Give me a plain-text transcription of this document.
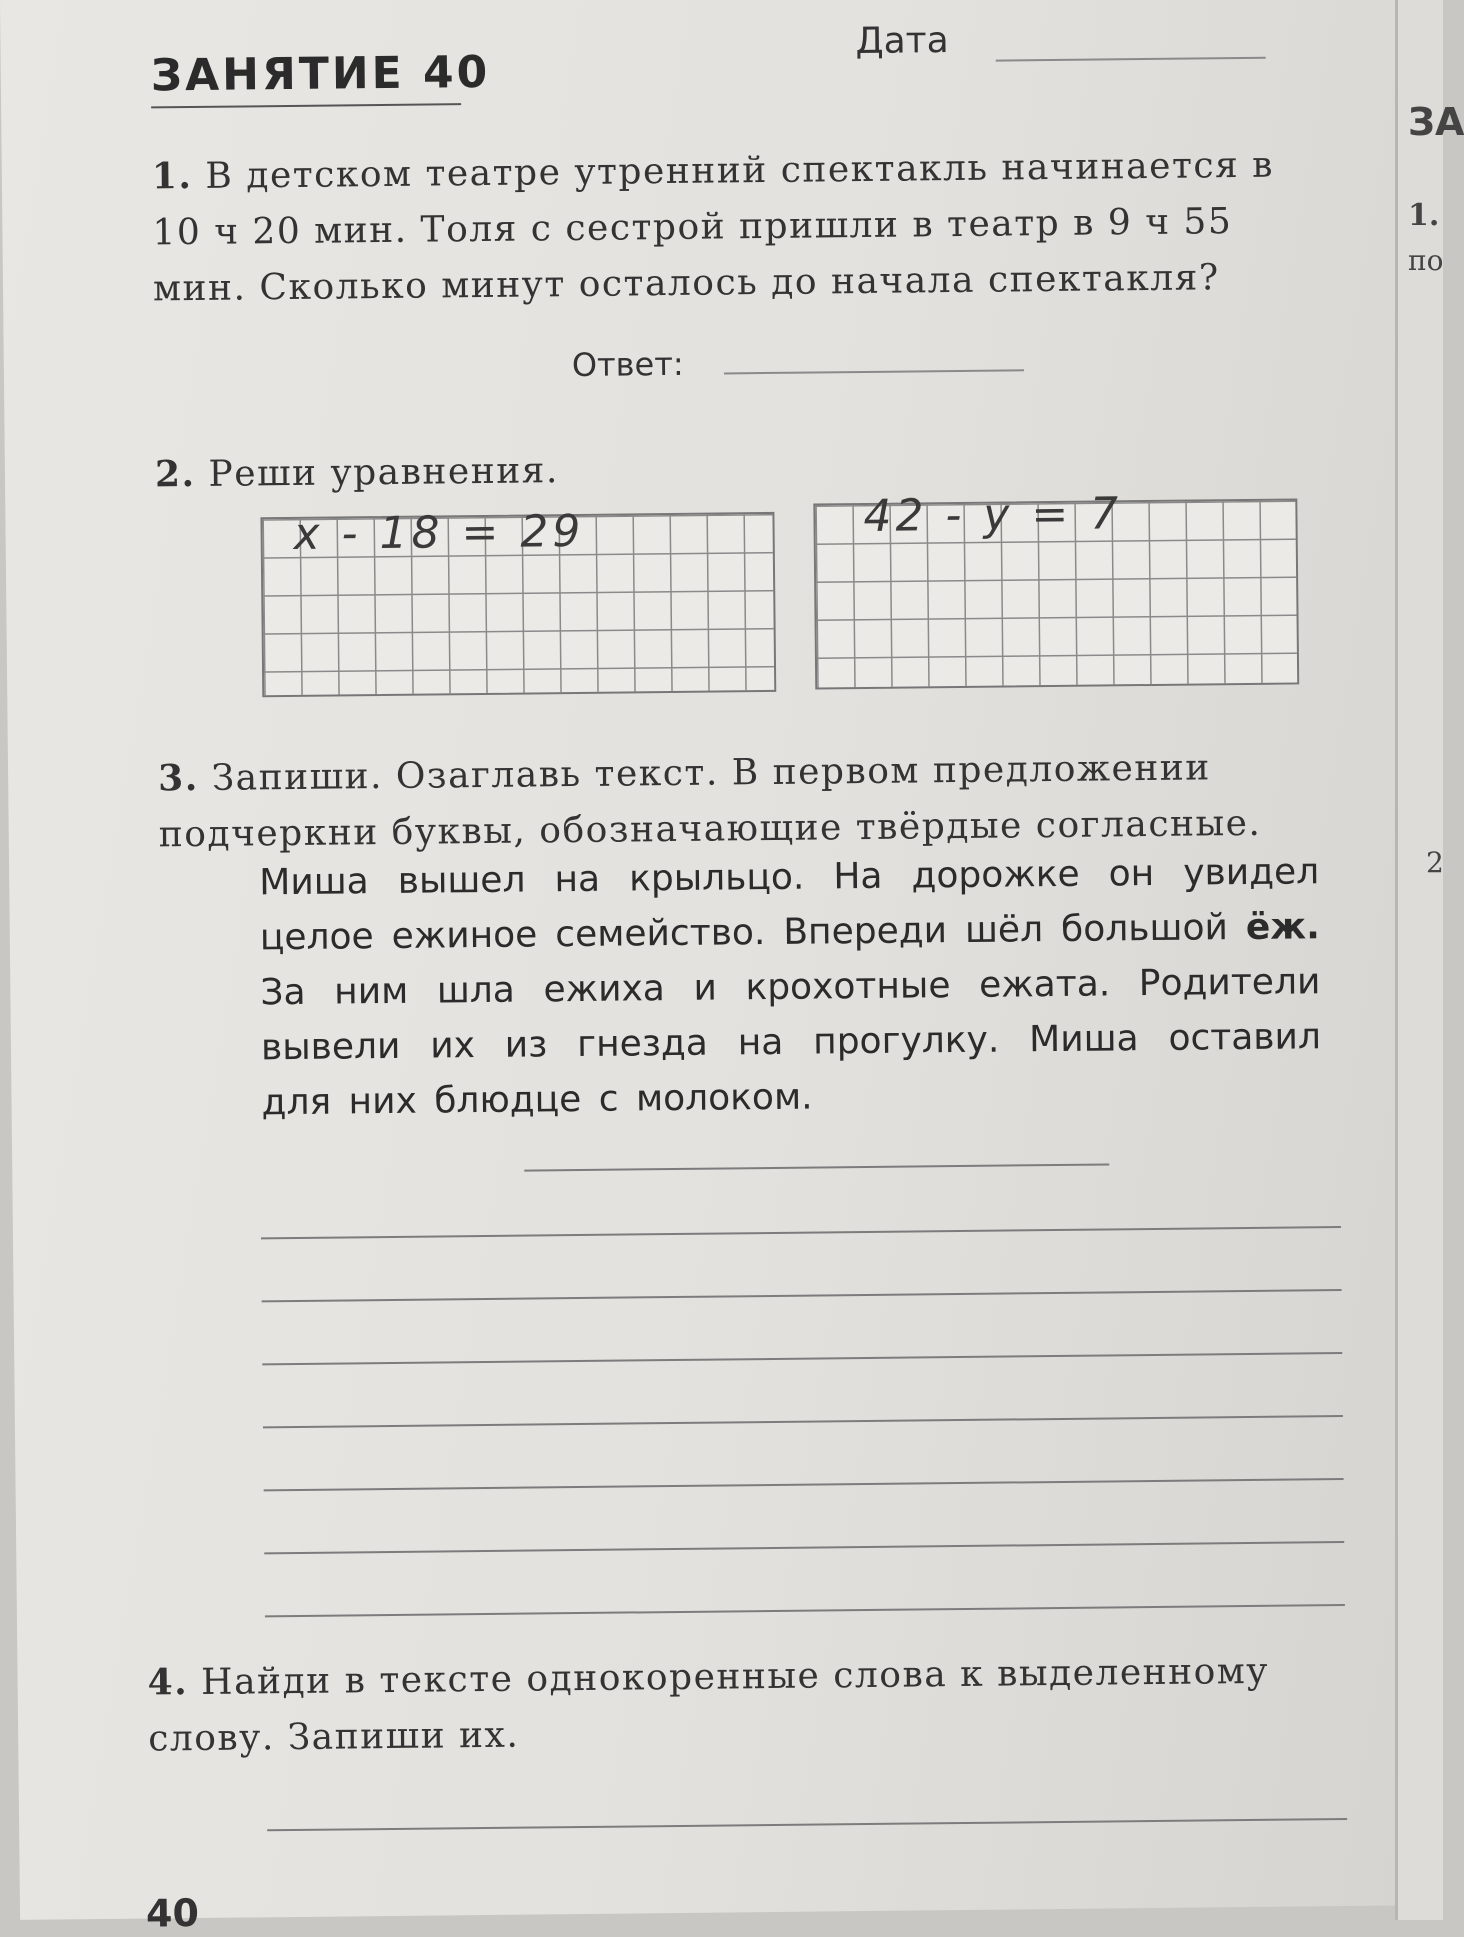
ЗАНЯТИЕ 40
Дата
1. В детском театре утренний спектакль начинается в 10 ч 20 мин. Толя с сестрой пришли в театр в 9 ч 55 мин. Сколько минут осталось до начала спектакля?
Ответ:
2. Реши уравнения.
x - 18 = 29	42 - y = 7
3. Запиши. Озаглавь текст. В первом предложении подчеркни буквы, обозначающие твёрдые согласные.
Миша вышел на крыльцо. На дорожке он увидел целое ежиное семейство. Впереди шёл большой ёж. За ним шла ежиха и крохотные ежата. Родители вывели их из гнезда на прогулку. Миша оставил для них блюдце с молоком.
4. Найди в тексте однокоренные слова к выделенному слову. Запиши их.
40
ЗА
1.
по
2
